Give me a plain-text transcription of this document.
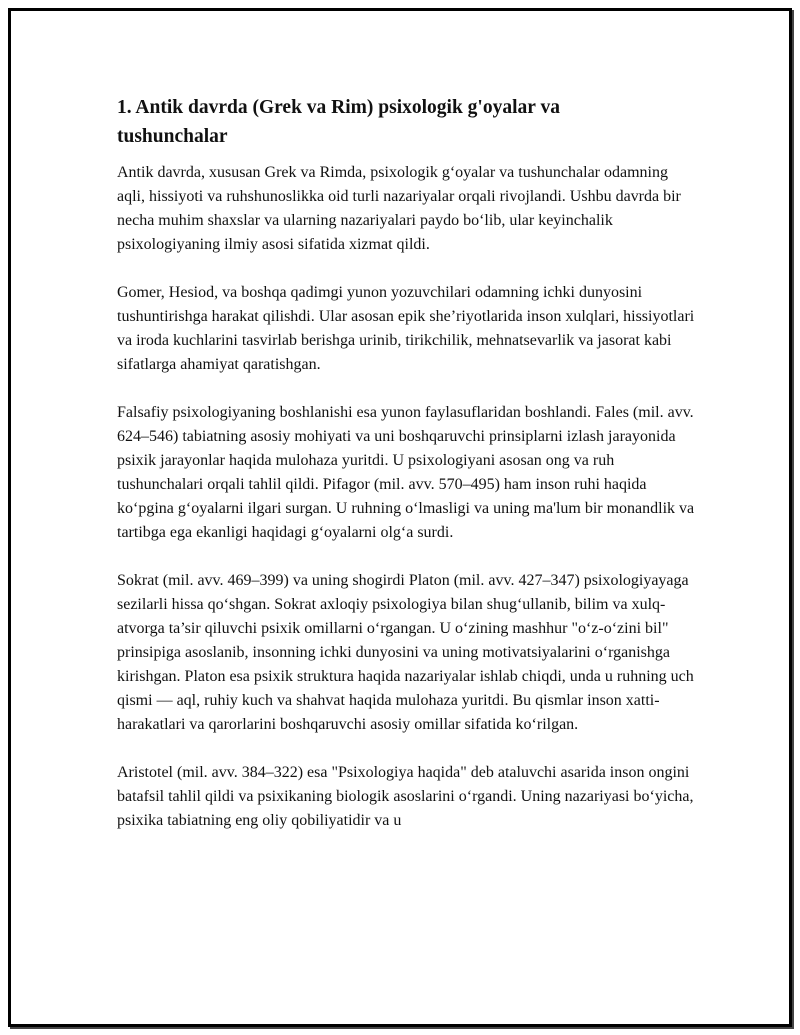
1. Antik davrda (Grek va Rim) psixologik g'oyalar va tushunchalar

Antik davrda, xususan Grek va Rimda, psixologik g‘oyalar va tushunchalar odamning aqli, hissiyoti va ruhshunoslikka oid turli nazariyalar orqali rivojlandi. Ushbu davrda bir necha muhim shaxslar va ularning nazariyalari paydo bo‘lib, ular keyinchalik psixologiyaning ilmiy asosi sifatida xizmat qildi.

Gomer, Hesiod, va boshqa qadimgi yunon yozuvchilari odamning ichki dunyosini tushuntirishga harakat qilishdi. Ular asosan epik she’riyotlarida inson xulqlari, hissiyotlari va iroda kuchlarini tasvirlab berishga urinib, tirikchilik, mehnatsevarlik va jasorat kabi sifatlarga ahamiyat qaratishgan.

Falsafiy psixologiyaning boshlanishi esa yunon faylasuflaridan boshlandi. Fales (mil. avv. 624–546) tabiatning asosiy mohiyati va uni boshqaruvchi prinsiplarni izlash jarayonida psixik jarayonlar haqida mulohaza yuritdi. U psixologiyani asosan ong va ruh tushunchalari orqali tahlil qildi. Pifagor (mil. avv. 570–495) ham inson ruhi haqida ko‘pgina g‘oyalarni ilgari surgan. U ruhning o‘lmasligi va uning ma'lum bir monandlik va tartibga ega ekanligi haqidagi g‘oyalarni olg‘a surdi.

Sokrat (mil. avv. 469–399) va uning shogirdi Platon (mil. avv. 427–347) psixologiyayaga sezilarli hissa qo‘shgan. Sokrat axloqiy psixologiya bilan shug‘ullanib, bilim va xulq-atvorga ta’sir qiluvchi psixik omillarni o‘rgangan. U o‘zining mashhur "o‘z-o‘zini bil" prinsipiga asoslanib, insonning ichki dunyosini va uning motivatsiyalarini o‘rganishga kirishgan. Platon esa psixik struktura haqida nazariyalar ishlab chiqdi, unda u ruhning uch qismi — aql, ruhiy kuch va shahvat haqida mulohaza yuritdi. Bu qismlar inson xatti-harakatlari va qarorlarini boshqaruvchi asosiy omillar sifatida ko‘rilgan.

Aristotel (mil. avv. 384–322) esa "Psixologiya haqida" deb ataluvchi asarida inson ongini batafsil tahlil qildi va psixikaning biologik asoslarini o‘rgandi. Uning nazariyasi bo‘yicha, psixika tabiatning eng oliy qobiliyatidir va u
